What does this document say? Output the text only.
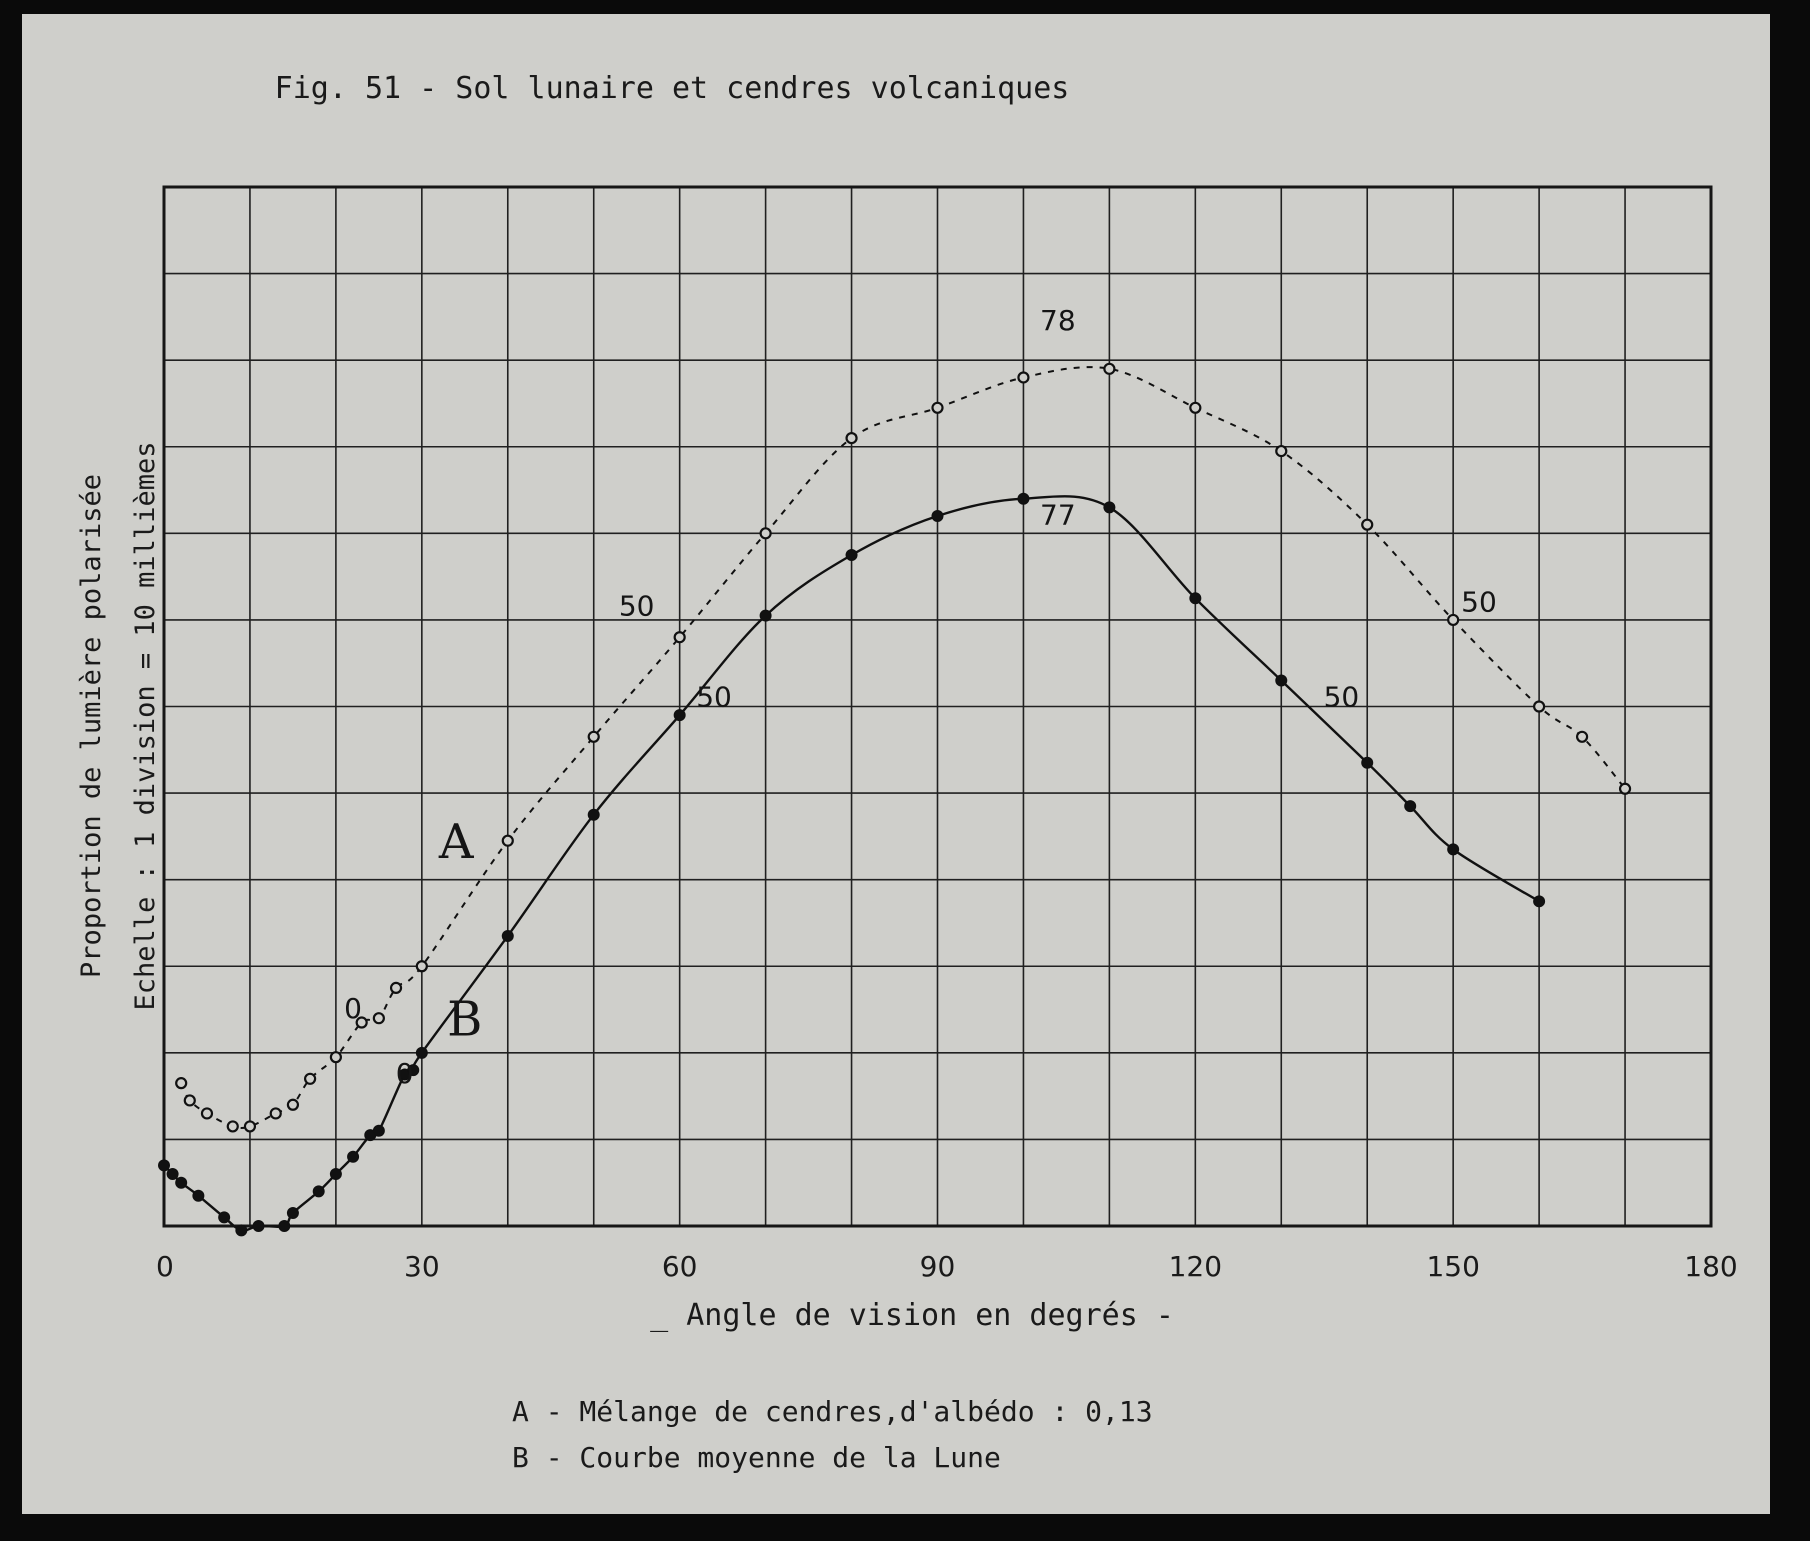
Fig. 51 - Sol lunaire et cendres volcaniques
0	30	60	90	120	150	180
78
77
50
50
50
50
0
0
A
B
Proportion de lumière polarisée Echelle : 1 division = 10 millièmes
_ Angle de vision en degrés -
A - Mélange de cendres,d'albédo : 0,13
B - Courbe moyenne de la Lune
